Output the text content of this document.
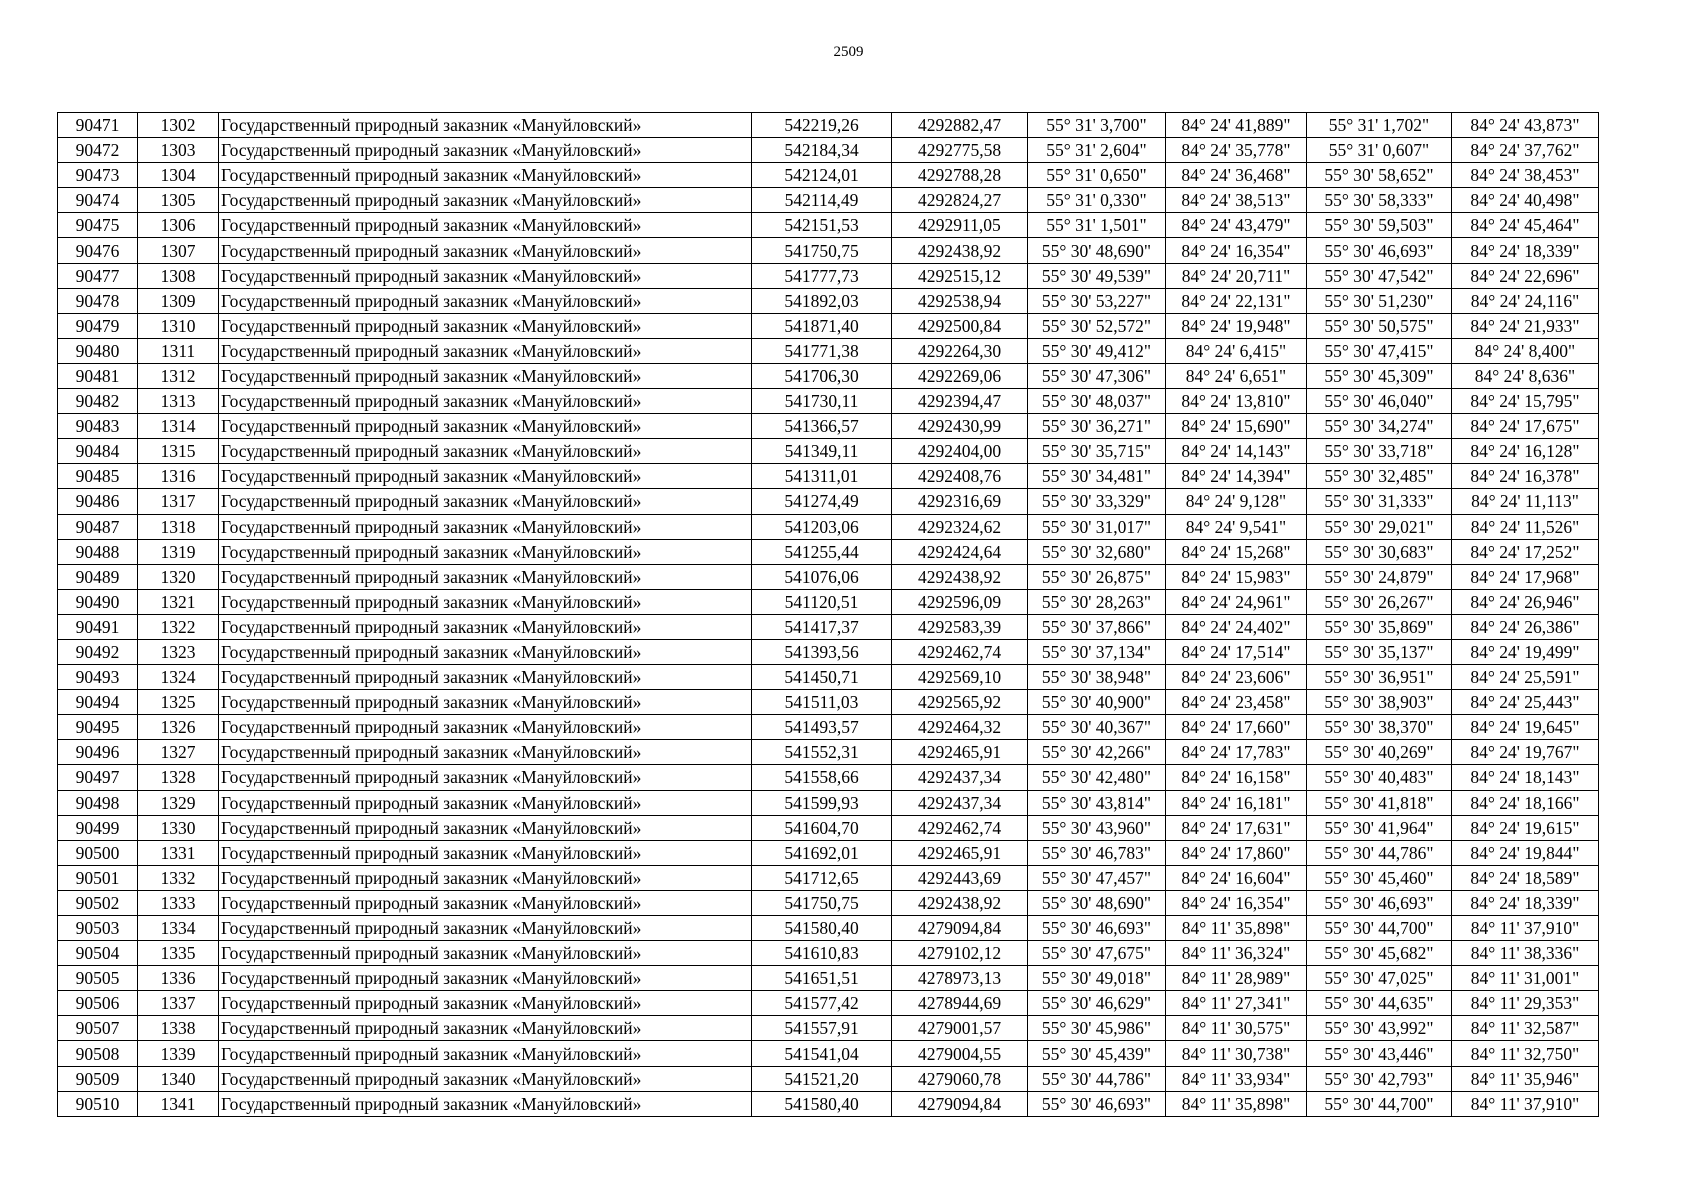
2509
90471	1302	Государственный природный заказник «Мануйловский»	542219,26	4292882,47	55° 31' 3,700"	84° 24' 41,889"	55° 31' 1,702"	84° 24' 43,873"
90472	1303	Государственный природный заказник «Мануйловский»	542184,34	4292775,58	55° 31' 2,604"	84° 24' 35,778"	55° 31' 0,607"	84° 24' 37,762"
90473	1304	Государственный природный заказник «Мануйловский»	542124,01	4292788,28	55° 31' 0,650"	84° 24' 36,468"	55° 30' 58,652"	84° 24' 38,453"
90474	1305	Государственный природный заказник «Мануйловский»	542114,49	4292824,27	55° 31' 0,330"	84° 24' 38,513"	55° 30' 58,333"	84° 24' 40,498"
90475	1306	Государственный природный заказник «Мануйловский»	542151,53	4292911,05	55° 31' 1,501"	84° 24' 43,479"	55° 30' 59,503"	84° 24' 45,464"
90476	1307	Государственный природный заказник «Мануйловский»	541750,75	4292438,92	55° 30' 48,690"	84° 24' 16,354"	55° 30' 46,693"	84° 24' 18,339"
90477	1308	Государственный природный заказник «Мануйловский»	541777,73	4292515,12	55° 30' 49,539"	84° 24' 20,711"	55° 30' 47,542"	84° 24' 22,696"
90478	1309	Государственный природный заказник «Мануйловский»	541892,03	4292538,94	55° 30' 53,227"	84° 24' 22,131"	55° 30' 51,230"	84° 24' 24,116"
90479	1310	Государственный природный заказник «Мануйловский»	541871,40	4292500,84	55° 30' 52,572"	84° 24' 19,948"	55° 30' 50,575"	84° 24' 21,933"
90480	1311	Государственный природный заказник «Мануйловский»	541771,38	4292264,30	55° 30' 49,412"	84° 24' 6,415"	55° 30' 47,415"	84° 24' 8,400"
90481	1312	Государственный природный заказник «Мануйловский»	541706,30	4292269,06	55° 30' 47,306"	84° 24' 6,651"	55° 30' 45,309"	84° 24' 8,636"
90482	1313	Государственный природный заказник «Мануйловский»	541730,11	4292394,47	55° 30' 48,037"	84° 24' 13,810"	55° 30' 46,040"	84° 24' 15,795"
90483	1314	Государственный природный заказник «Мануйловский»	541366,57	4292430,99	55° 30' 36,271"	84° 24' 15,690"	55° 30' 34,274"	84° 24' 17,675"
90484	1315	Государственный природный заказник «Мануйловский»	541349,11	4292404,00	55° 30' 35,715"	84° 24' 14,143"	55° 30' 33,718"	84° 24' 16,128"
90485	1316	Государственный природный заказник «Мануйловский»	541311,01	4292408,76	55° 30' 34,481"	84° 24' 14,394"	55° 30' 32,485"	84° 24' 16,378"
90486	1317	Государственный природный заказник «Мануйловский»	541274,49	4292316,69	55° 30' 33,329"	84° 24' 9,128"	55° 30' 31,333"	84° 24' 11,113"
90487	1318	Государственный природный заказник «Мануйловский»	541203,06	4292324,62	55° 30' 31,017"	84° 24' 9,541"	55° 30' 29,021"	84° 24' 11,526"
90488	1319	Государственный природный заказник «Мануйловский»	541255,44	4292424,64	55° 30' 32,680"	84° 24' 15,268"	55° 30' 30,683"	84° 24' 17,252"
90489	1320	Государственный природный заказник «Мануйловский»	541076,06	4292438,92	55° 30' 26,875"	84° 24' 15,983"	55° 30' 24,879"	84° 24' 17,968"
90490	1321	Государственный природный заказник «Мануйловский»	541120,51	4292596,09	55° 30' 28,263"	84° 24' 24,961"	55° 30' 26,267"	84° 24' 26,946"
90491	1322	Государственный природный заказник «Мануйловский»	541417,37	4292583,39	55° 30' 37,866"	84° 24' 24,402"	55° 30' 35,869"	84° 24' 26,386"
90492	1323	Государственный природный заказник «Мануйловский»	541393,56	4292462,74	55° 30' 37,134"	84° 24' 17,514"	55° 30' 35,137"	84° 24' 19,499"
90493	1324	Государственный природный заказник «Мануйловский»	541450,71	4292569,10	55° 30' 38,948"	84° 24' 23,606"	55° 30' 36,951"	84° 24' 25,591"
90494	1325	Государственный природный заказник «Мануйловский»	541511,03	4292565,92	55° 30' 40,900"	84° 24' 23,458"	55° 30' 38,903"	84° 24' 25,443"
90495	1326	Государственный природный заказник «Мануйловский»	541493,57	4292464,32	55° 30' 40,367"	84° 24' 17,660"	55° 30' 38,370"	84° 24' 19,645"
90496	1327	Государственный природный заказник «Мануйловский»	541552,31	4292465,91	55° 30' 42,266"	84° 24' 17,783"	55° 30' 40,269"	84° 24' 19,767"
90497	1328	Государственный природный заказник «Мануйловский»	541558,66	4292437,34	55° 30' 42,480"	84° 24' 16,158"	55° 30' 40,483"	84° 24' 18,143"
90498	1329	Государственный природный заказник «Мануйловский»	541599,93	4292437,34	55° 30' 43,814"	84° 24' 16,181"	55° 30' 41,818"	84° 24' 18,166"
90499	1330	Государственный природный заказник «Мануйловский»	541604,70	4292462,74	55° 30' 43,960"	84° 24' 17,631"	55° 30' 41,964"	84° 24' 19,615"
90500	1331	Государственный природный заказник «Мануйловский»	541692,01	4292465,91	55° 30' 46,783"	84° 24' 17,860"	55° 30' 44,786"	84° 24' 19,844"
90501	1332	Государственный природный заказник «Мануйловский»	541712,65	4292443,69	55° 30' 47,457"	84° 24' 16,604"	55° 30' 45,460"	84° 24' 18,589"
90502	1333	Государственный природный заказник «Мануйловский»	541750,75	4292438,92	55° 30' 48,690"	84° 24' 16,354"	55° 30' 46,693"	84° 24' 18,339"
90503	1334	Государственный природный заказник «Мануйловский»	541580,40	4279094,84	55° 30' 46,693"	84° 11' 35,898"	55° 30' 44,700"	84° 11' 37,910"
90504	1335	Государственный природный заказник «Мануйловский»	541610,83	4279102,12	55° 30' 47,675"	84° 11' 36,324"	55° 30' 45,682"	84° 11' 38,336"
90505	1336	Государственный природный заказник «Мануйловский»	541651,51	4278973,13	55° 30' 49,018"	84° 11' 28,989"	55° 30' 47,025"	84° 11' 31,001"
90506	1337	Государственный природный заказник «Мануйловский»	541577,42	4278944,69	55° 30' 46,629"	84° 11' 27,341"	55° 30' 44,635"	84° 11' 29,353"
90507	1338	Государственный природный заказник «Мануйловский»	541557,91	4279001,57	55° 30' 45,986"	84° 11' 30,575"	55° 30' 43,992"	84° 11' 32,587"
90508	1339	Государственный природный заказник «Мануйловский»	541541,04	4279004,55	55° 30' 45,439"	84° 11' 30,738"	55° 30' 43,446"	84° 11' 32,750"
90509	1340	Государственный природный заказник «Мануйловский»	541521,20	4279060,78	55° 30' 44,786"	84° 11' 33,934"	55° 30' 42,793"	84° 11' 35,946"
90510	1341	Государственный природный заказник «Мануйловский»	541580,40	4279094,84	55° 30' 46,693"	84° 11' 35,898"	55° 30' 44,700"	84° 11' 37,910"
